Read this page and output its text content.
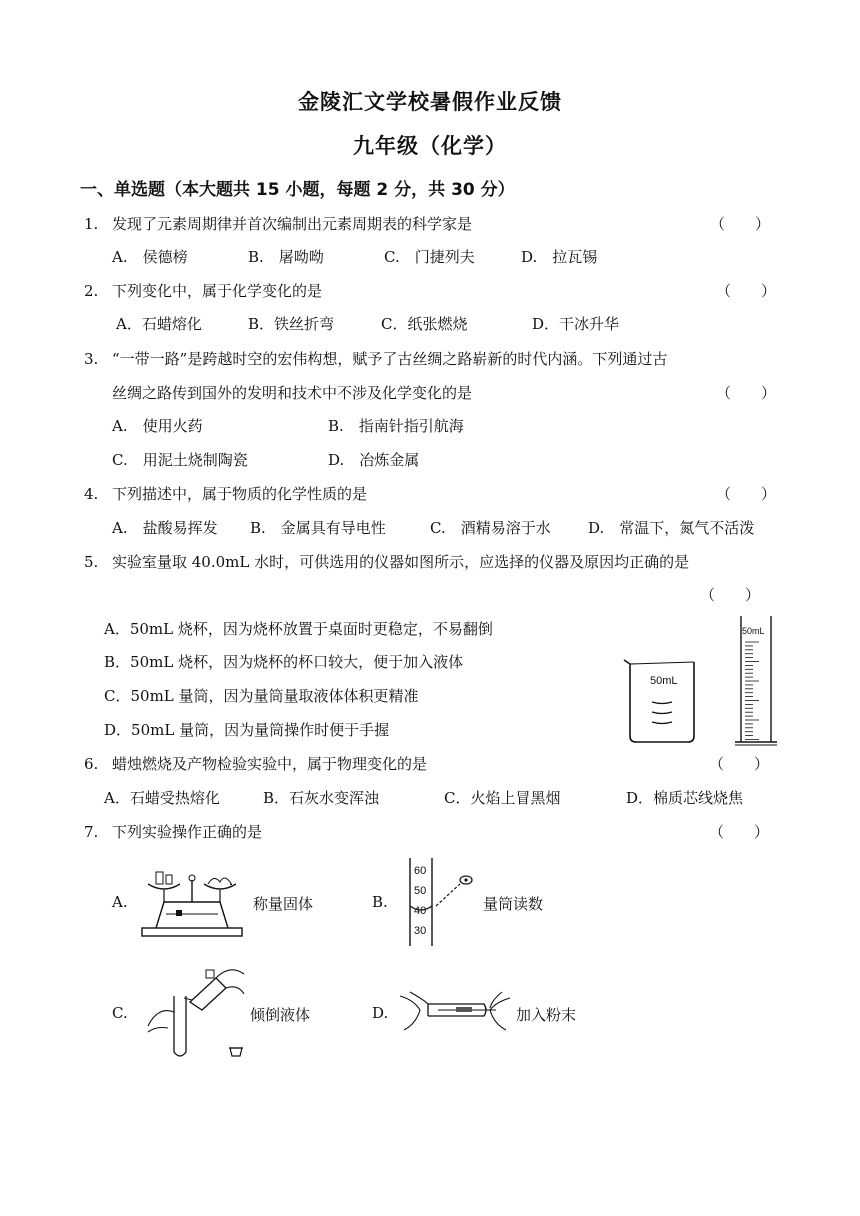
金陵汇文学校暑假作业反馈
九年级（化学）
一、单选题（本大题共 15 小题，每题 2 分，共 30 分）
1. 发现了元素周期律并首次编制出元素周期表的科学家是	（　　）
A.　侯德榜	B.　屠呦呦	C.　门捷列夫	D.　拉瓦锡
2. 下列变化中，属于化学变化的是	（　　）
A．石蜡熔化	B．铁丝折弯	C．纸张燃烧	D．干冰升华
3. “一带一路”是跨越时空的宏伟构想，赋予了古丝绸之路崭新的时代内涵。下列通过古
丝绸之路传到国外的发明和技术中不涉及化学变化的是	（　　）
A.　使用火药	B.　指南针指引航海
C.　用泥土烧制陶瓷	D.　冶炼金属
4. 下列描述中，属于物质的化学性质的是	（　　）
A.　盐酸易挥发 B.　金属具有导电性	C.　酒精易溶于水 D.　常温下，氮气不活泼
5. 实验室量取 40.0mL 水时，可供选用的仪器如图所示，应选择的仪器及原因均正确的是
（　　）
A．50mL 烧杯，因为烧杯放置于桌面时更稳定，不易翻倒
B．50mL 烧杯，因为烧杯的杯口较大，便于加入液体
C．50mL 量筒，因为量筒量取液体体积更精准
D．50mL 量筒，因为量筒操作时便于手握
50mL
50mL
6. 蜡烛燃烧及产物检验实验中，属于物理变化的是	（　　）
A．石蜡受热熔化	B．石灰水变浑浊	C．火焰上冒黑烟	D．棉质芯线烧焦
7. 下列实验操作正确的是	（　　）
A.	称量固体	B.
60
50
40
30
量筒读数
C.	倾倒液体	D.	加入粉末
